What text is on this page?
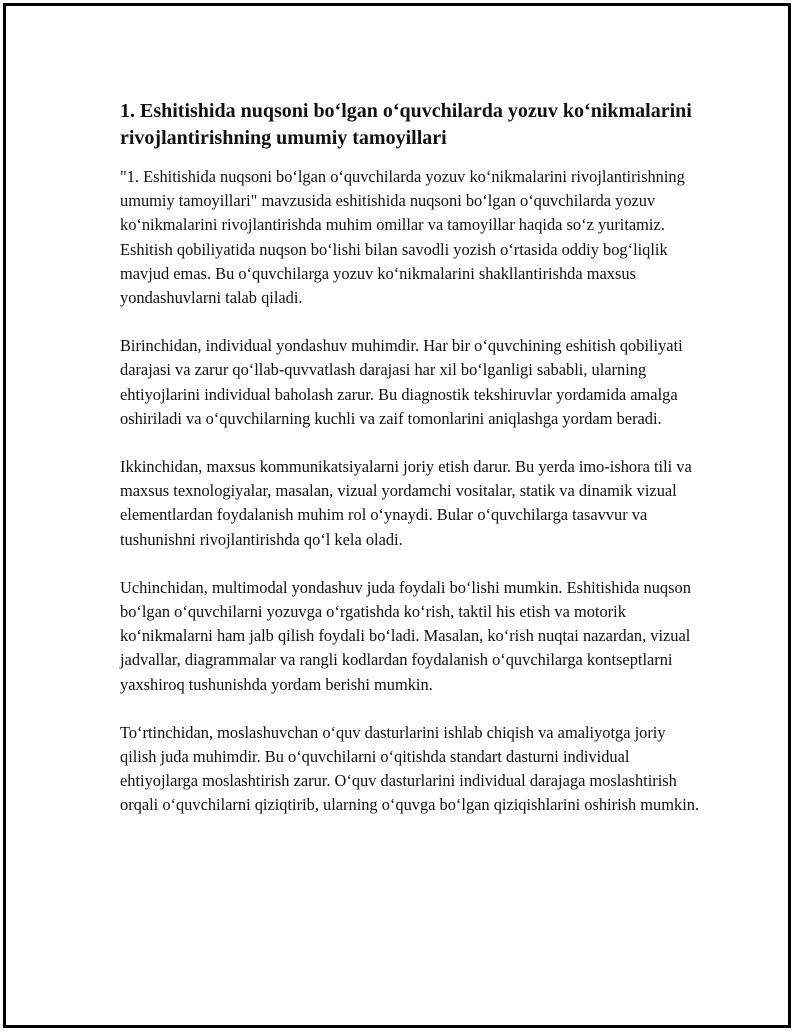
1. Eshitishida nuqsoni bo‘lgan o‘quvchilarda yozuv ko‘nikmalarini rivojlantirishning umumiy tamoyillari

"1. Eshitishida nuqsoni bo‘lgan o‘quvchilarda yozuv ko‘nikmalarini rivojlantirishning umumiy tamoyillari" mavzusida eshitishida nuqsoni bo‘lgan o‘quvchilarda yozuv ko‘nikmalarini rivojlantirishda muhim omillar va tamoyillar haqida so‘z yuritamiz. Eshitish qobiliyatida nuqson bo‘lishi bilan savodli yozish o‘rtasida oddiy bog‘liqlik mavjud emas. Bu o‘quvchilarga yozuv ko‘nikmalarini shakllantirishda maxsus yondashuvlarni talab qiladi.

Birinchidan, individual yondashuv muhimdir. Har bir o‘quvchining eshitish qobiliyati darajasi va zarur qo‘llab-quvvatlash darajasi har xil bo‘lganligi sababli, ularning ehtiyojlarini individual baholash zarur. Bu diagnostik tekshiruvlar yordamida amalga oshiriladi va o‘quvchilarning kuchli va zaif tomonlarini aniqlashga yordam beradi.

Ikkinchidan, maxsus kommunikatsiyalarni joriy etish darur. Bu yerda imo-ishora tili va maxsus texnologiyalar, masalan, vizual yordamchi vositalar, statik va dinamik vizual elementlardan foydalanish muhim rol o‘ynaydi. Bular o‘quvchilarga tasavvur va tushunishni rivojlantirishda qo‘l kela oladi.

Uchinchidan, multimodal yondashuv juda foydali bo‘lishi mumkin. Eshitishida nuqson bo‘lgan o‘quvchilarni yozuvga o‘rgatishda ko‘rish, taktil his etish va motorik ko‘nikmalarni ham jalb qilish foydali bo‘ladi. Masalan, ko‘rish nuqtai nazardan, vizual jadvallar, diagrammalar va rangli kodlardan foydalanish o‘quvchilarga kontseptlarni yaxshiroq tushunishda yordam berishi mumkin.

To‘rtinchidan, moslashuvchan o‘quv dasturlarini ishlab chiqish va amaliyotga joriy qilish juda muhimdir. Bu o‘quvchilarni o‘qitishda standart dasturni individual ehtiyojlarga moslashtirish zarur. O‘quv dasturlarini individual darajaga moslashtirish orqali o‘quvchilarni qiziqtirib, ularning o‘quvga bo‘lgan qiziqishlarini oshirish mumkin.
